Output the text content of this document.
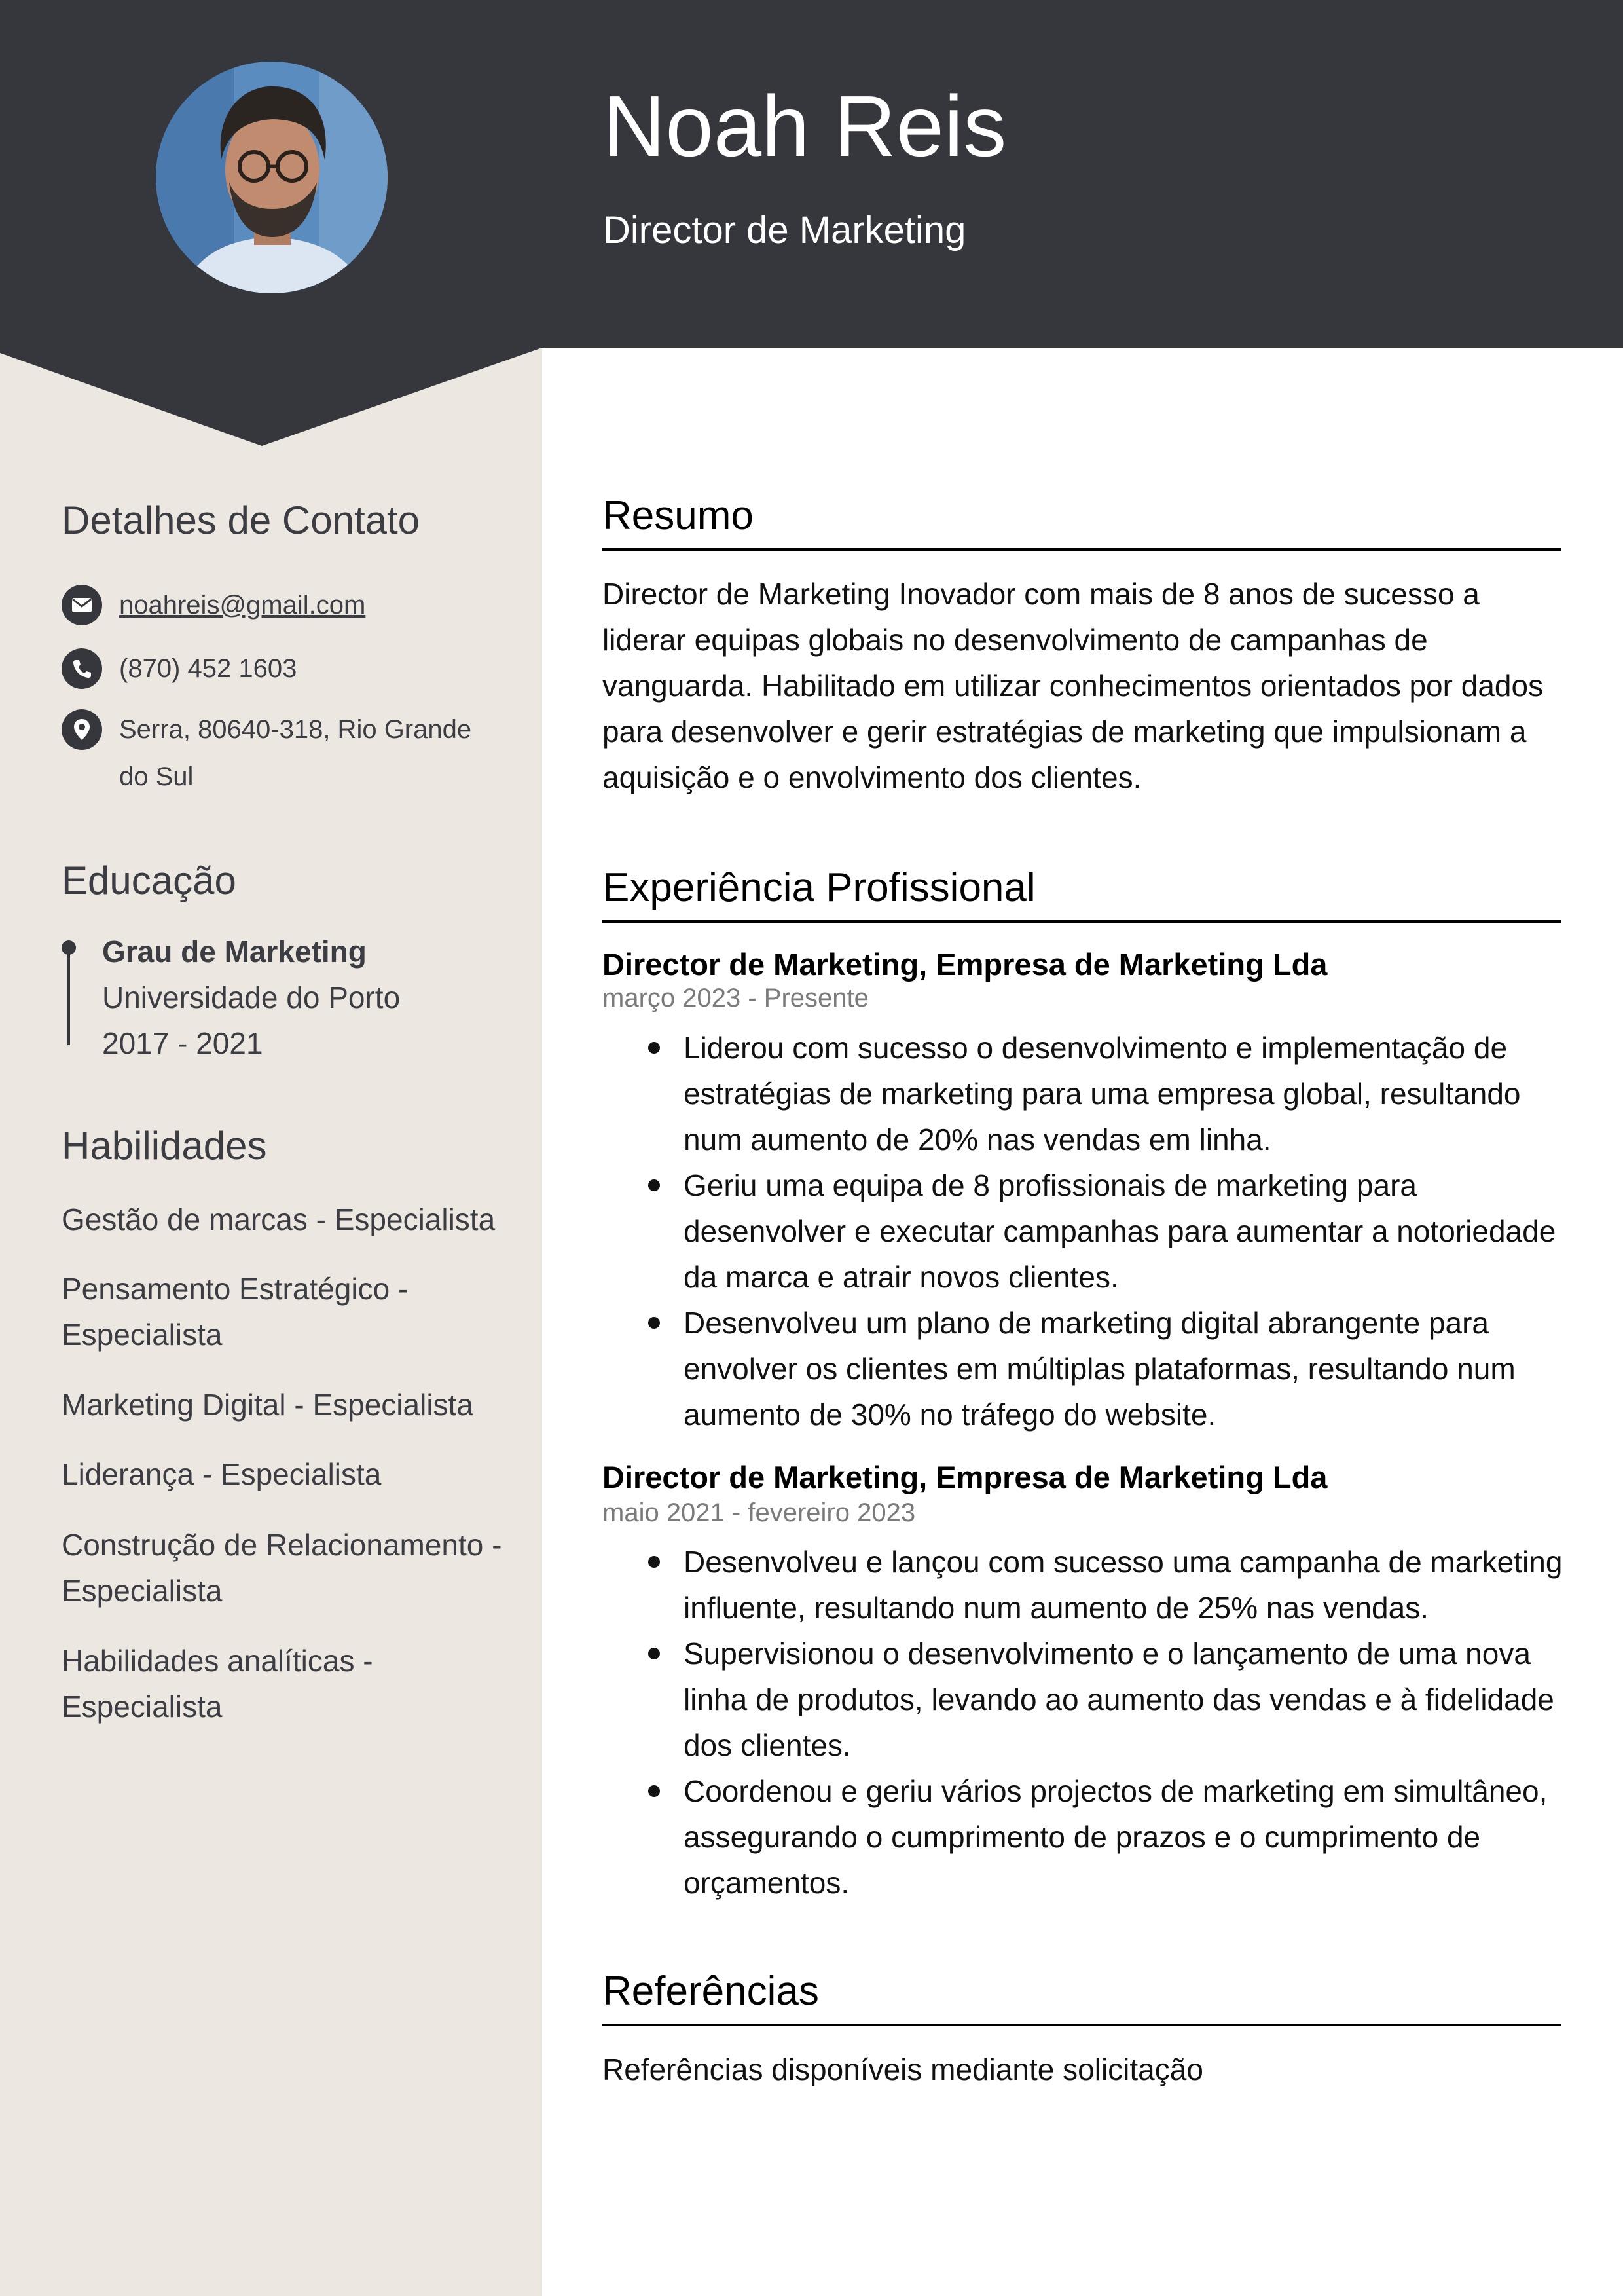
Noah Reis
Director de Marketing
Detalhes de Contato
noahreis@gmail.com
(870) 452 1603
Serra, 80640-318, Rio Grande
do Sul
Educação
Grau de Marketing
Universidade do Porto
2017 - 2021
Habilidades
Gestão de marcas - Especialista
Pensamento Estratégico - Especialista
Marketing Digital - Especialista
Liderança - Especialista
Construção de Relacionamento - Especialista
Habilidades analíticas - Especialista
Resumo
Director de Marketing Inovador com mais de 8 anos de sucesso a liderar equipas globais no desenvolvimento de campanhas de vanguarda. Habilitado em utilizar conhecimentos orientados por dados para desenvolver e gerir estratégias de marketing que impulsionam a aquisição e o envolvimento dos clientes.
Experiência Profissional
Director de Marketing, Empresa de Marketing Lda
março 2023 - Presente
Liderou com sucesso o desenvolvimento e implementação de estratégias de marketing para uma empresa global, resultando num aumento de 20% nas vendas em linha.
Geriu uma equipa de 8 profissionais de marketing para desenvolver e executar campanhas para aumentar a notoriedade da marca e atrair novos clientes.
Desenvolveu um plano de marketing digital abrangente para envolver os clientes em múltiplas plataformas, resultando num aumento de 30% no tráfego do website.
Director de Marketing, Empresa de Marketing Lda
maio 2021 - fevereiro 2023
Desenvolveu e lançou com sucesso uma campanha de marketing influente, resultando num aumento de 25% nas vendas.
Supervisionou o desenvolvimento e o lançamento de uma nova linha de produtos, levando ao aumento das vendas e à fidelidade dos clientes.
Coordenou e geriu vários projectos de marketing em simultâneo, assegurando o cumprimento de prazos e o cumprimento de orçamentos.
Referências
Referências disponíveis mediante solicitação
